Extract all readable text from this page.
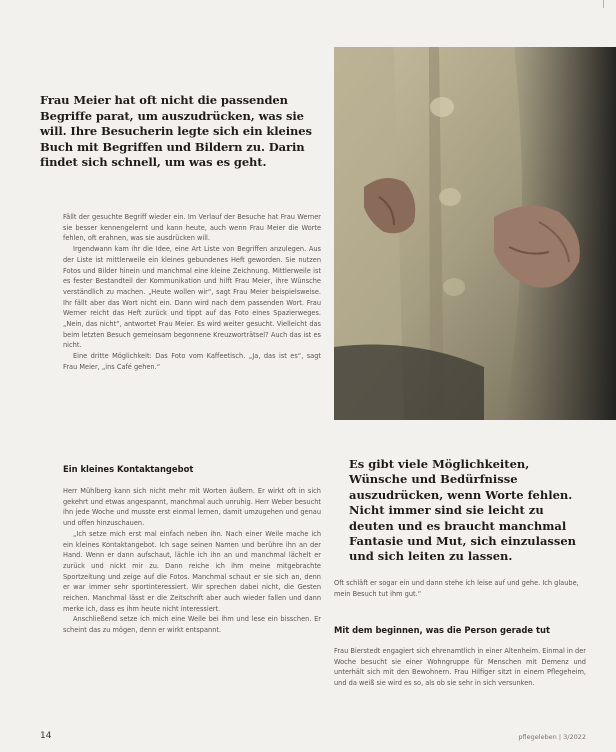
Frau Meier hat oft nicht die passenden Begriffe parat, um auszudrücken, was sie will. Ihre Besucherin legte sich ein kleines Buch mit Begriffen und Bildern zu. Darin findet sich schnell, um was es geht.

Fällt der gesuchte Begriff wieder ein. Im Verlauf der Besuche hat Frau Werner sie besser kennengelernt und kann heute, auch wenn Frau Meier die Worte fehlen, oft erahnen, was sie ausdrücken will.

Irgendwann kam ihr die Idee, eine Art Liste von Begriffen anzulegen. Aus der Liste ist mittlerweile ein kleines gebundenes Heft geworden. Sie nutzen Fotos und Bilder hinein und manchmal eine kleine Zeichnung. Mittlerweile ist es fester Bestandteil der Kommunikation und hilft Frau Meier, ihre Wünsche verständlich zu machen. „Heute wollen wir“, sagt Frau Meier beispielsweise. Ihr fällt aber das Wort nicht ein. Dann wird nach dem passenden Wort. Frau Werner reicht das Heft zurück und tippt auf das Foto eines Spazierweges. „Nein, das nicht“, antwortet Frau Meier. Es wird weiter gesucht. Vielleicht das beim letzten Besuch gemeinsam begonnene Kreuzworträtsel? Auch das ist es nicht.

Eine dritte Möglichkeit: Das Foto vom Kaffeetisch. „Ja, das ist es“, sagt Frau Meier, „ins Café gehen.“

Ein kleines Kontaktangebot

Herr Mühlberg kann sich nicht mehr mit Worten äußern. Er wirkt oft in sich gekehrt und etwas angespannt, manchmal auch unruhig. Herr Weber besucht ihn jede Woche und musste erst einmal lernen, damit umzugehen und genau und offen hinzuschauen.

„Ich setze mich erst mal einfach neben ihn. Nach einer Weile mache ich ein kleines Kontaktangebot. Ich sage seinen Namen und berühre ihn an der Hand. Wenn er dann aufschaut, lächle ich ihn an und manchmal lächelt er zurück und nickt mir zu. Dann reiche ich ihm meine mitgebrachte Sportzeitung und zeige auf die Fotos. Manchmal schaut er sie sich an, denn er war immer sehr sportinteressiert. Wir sprechen dabei nicht, die Gesten reichen. Manchmal lässt er die Zeitschrift aber auch wieder fallen und dann merke ich, dass es ihm heute nicht interessiert.

Anschließend setze ich mich eine Weile bei ihm und lese ein bisschen. Er scheint das zu mögen, denn er wirkt entspannt.

Es gibt viele Möglichkeiten, Wünsche und Bedürfnisse auszudrücken, wenn Worte fehlen. Nicht immer sind sie leicht zu deuten und es braucht manchmal Fantasie und Mut, sich einzulassen und sich leiten zu lassen.

Oft schläft er sogar ein und dann stehe ich leise auf und gehe. Ich glaube, mein Besuch tut ihm gut.“

Mit dem beginnen, was die Person gerade tut

Frau Bierstedt engagiert sich ehrenamtlich in einer Altenheim. Einmal in der Woche besucht sie einer Wohngruppe für Menschen mit Demenz und unterhält sich mit den Bewohnern. Frau Hilfiger sitzt in einem Pflegeheim, und da weiß sie wird es so, als ob sie sehr in sich versunken.

14	pflegeleben | 3/2022
